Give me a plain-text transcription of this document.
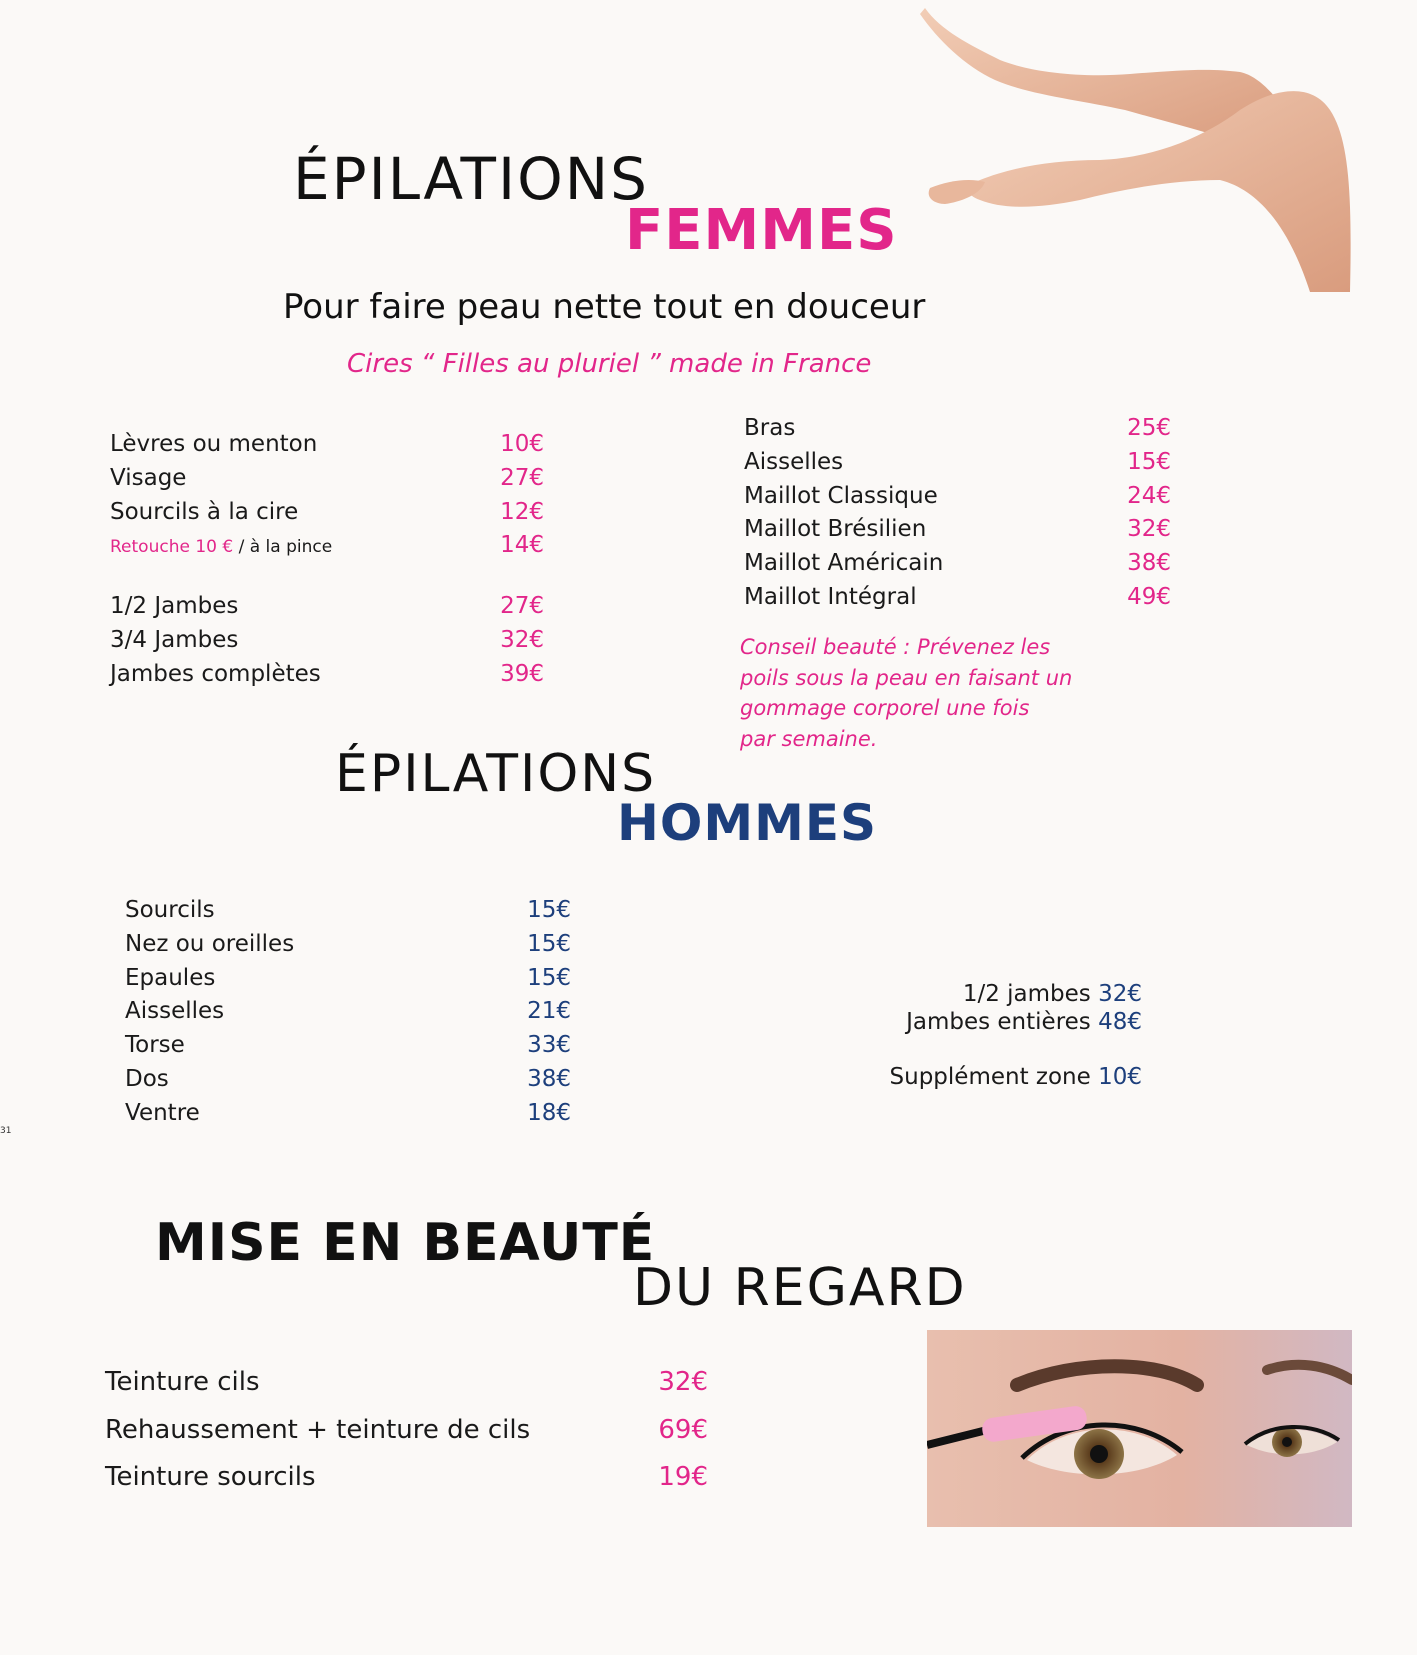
ÉPILATIONS
FEMMES
Pour faire peau nette tout en douceur
Cires “ Filles au pluriel ” made in France
Lèvres ou menton	10€
Visage	27€
Sourcils à la cire	12€
Retouche 10 € / à la pince	14€
1/2 Jambes	27€
3/4 Jambes	32€
Jambes complètes	39€
Bras	25€
Aisselles	15€
Maillot Classique	24€
Maillot Brésilien	32€
Maillot Américain	38€
Maillot Intégral	49€
Conseil beauté : Prévenez les
poils sous la peau en faisant un
gommage corporel une fois
par semaine.
ÉPILATIONS
HOMMES
Sourcils	15€
Nez ou oreilles	15€
Epaules	15€
Aisselles	21€
Torse	33€
Dos	38€
Ventre	18€
1/2 jambes 32€
Jambes entières 48€
Supplément zone 10€
31
MISE EN BEAUTÉ
DU REGARD
Teinture cils	32€
Rehaussement + teinture de cils	69€
Teinture sourcils	19€
